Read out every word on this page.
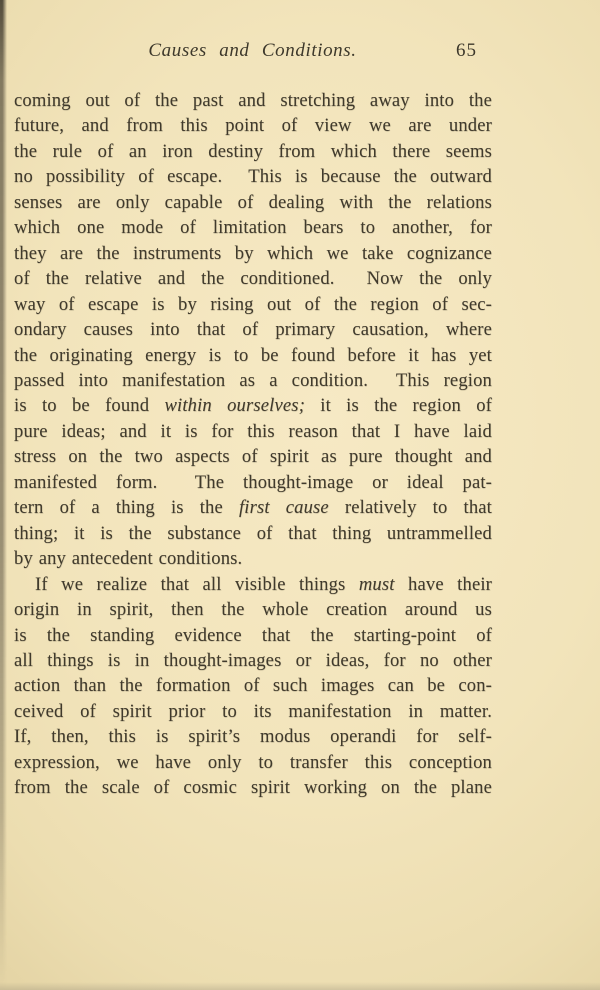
Causes and Conditions.	65
coming out of the past and stretching away into the
future, and from this point of view we are under
the rule of an iron destiny from which there seems
no possibility of escape.  This is because the outward
senses are only capable of dealing with the relations
which one mode of limitation bears to another, for
they are the instruments by which we take cognizance
of the relative and the conditioned.  Now the only
way of escape is by rising out of the region of sec-
ondary causes into that of primary causation, where
the originating energy is to be found before it has yet
passed into manifestation as a condition.  This region
is to be found within ourselves; it is the region of
pure ideas; and it is for this reason that I have laid
stress on the two aspects of spirit as pure thought and
manifested form.  The thought-image or ideal pat-
tern of a thing is the first cause relatively to that
thing; it is the substance of that thing untrammelled
by any antecedent conditions.
If we realize that all visible things must have their
origin in spirit, then the whole creation around us
is the standing evidence that the starting-point of
all things is in thought-images or ideas, for no other
action than the formation of such images can be con-
ceived of spirit prior to its manifestation in matter.
If, then, this is spirit’s modus operandi for self-
expression, we have only to transfer this conception
from the scale of cosmic spirit working on the plane
